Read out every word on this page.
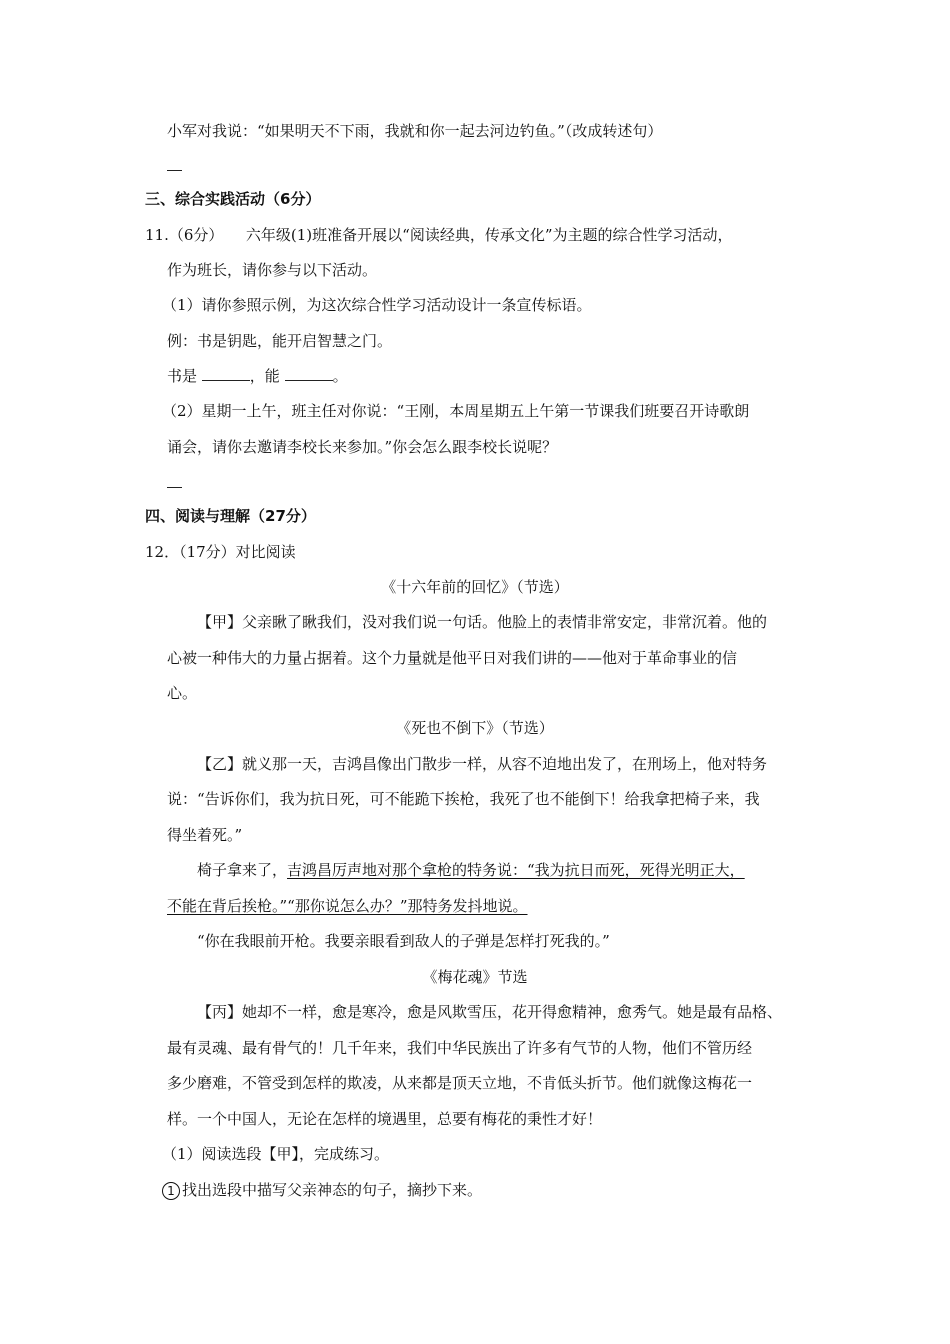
小军对我说：“如果明天不下雨，我就和你一起去河边钓鱼。”（改成转述句）
三、综合实践活动（6分）
11.（6分）　　六年级(1)班准备开展以“阅读经典，传承文化”为主题的综合性学习活动，
作为班长，请你参与以下活动。
（1）请你参照示例，为这次综合性学习活动设计一条宣传标语。
例：书是钥匙，能开启智慧之门。
书是	，能	。
（2）星期一上午，班主任对你说：“王刚，本周星期五上午第一节课我们班要召开诗歌朗
诵会，请你去邀请李校长来参加。”你会怎么跟李校长说呢？
四、阅读与理解（27分）
12．（17分）对比阅读
《十六年前的回忆》（节选）
【甲】父亲瞅了瞅我们，没对我们说一句话。他脸上的表情非常安定，非常沉着。他的
心被一种伟大的力量占据着。这个力量就是他平日对我们讲的——他对于革命事业的信
心。
《死也不倒下》（节选）
【乙】就义那一天，吉鸿昌像出门散步一样，从容不迫地出发了，在刑场上，他对特务
说：“告诉你们，我为抗日死，可不能跪下挨枪，我死了也不能倒下！给我拿把椅子来，我
得坐着死。”
椅子拿来了，吉鸿昌厉声地对那个拿枪的特务说：“我为抗日而死，死得光明正大，
不能在背后挨枪。”“那你说怎么办？”那特务发抖地说。
“你在我眼前开枪。我要亲眼看到敌人的子弹是怎样打死我的。”
《梅花魂》节选
【丙】她却不一样，愈是寒冷，愈是风欺雪压，花开得愈精神，愈秀气。她是最有品格、
最有灵魂、最有骨气的！几千年来，我们中华民族出了许多有气节的人物，他们不管历经
多少磨难，不管受到怎样的欺凌，从来都是顶天立地，不肯低头折节。他们就像这梅花一
样。一个中国人，无论在怎样的境遇里，总要有梅花的秉性才好！
（1）阅读选段【甲】，完成练习。
1 找出选段中描写父亲神态的句子，摘抄下来。
